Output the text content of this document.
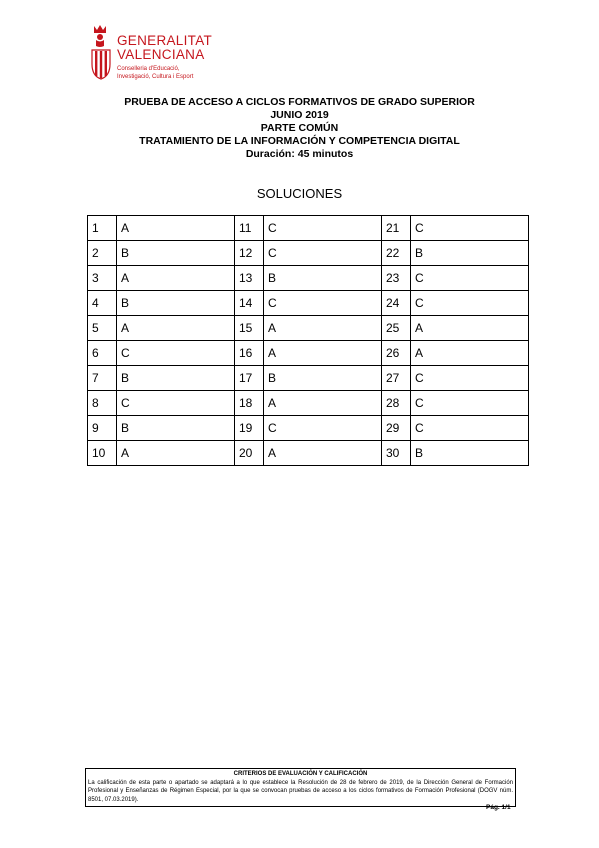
GENERALITAT
VALENCIANA
Conselleria d'Educació,
Investigació, Cultura i Esport
PRUEBA DE ACCESO A CICLOS FORMATIVOS DE GRADO SUPERIOR
JUNIO 2019
PARTE COMÚN
TRATAMIENTO DE LA INFORMACIÓN Y COMPETENCIA DIGITAL
Duración: 45 minutos
SOLUCIONES
1	A	11	C	21	C
2	B	12	C	22	B
3	A	13	B	23	C
4	B	14	C	24	C
5	A	15	A	25	A
6	C	16	A	26	A
7	B	17	B	27	C
8	C	18	A	28	C
9	B	19	C	29	C
10	A	20	A	30	B
CRITERIOS DE EVALUACIÓN Y CALIFICACIÓN
La calificación de esta parte o apartado se adaptará a lo que establece la Resolución de 28 de febrero de 2019, de la Dirección General de Formación Profesional y Enseñanzas de Régimen Especial, por la que se convocan pruebas de acceso a los ciclos formativos de Formación Profesional (DOGV núm. 8501, 07.03.2019).
Pág. 1/1
